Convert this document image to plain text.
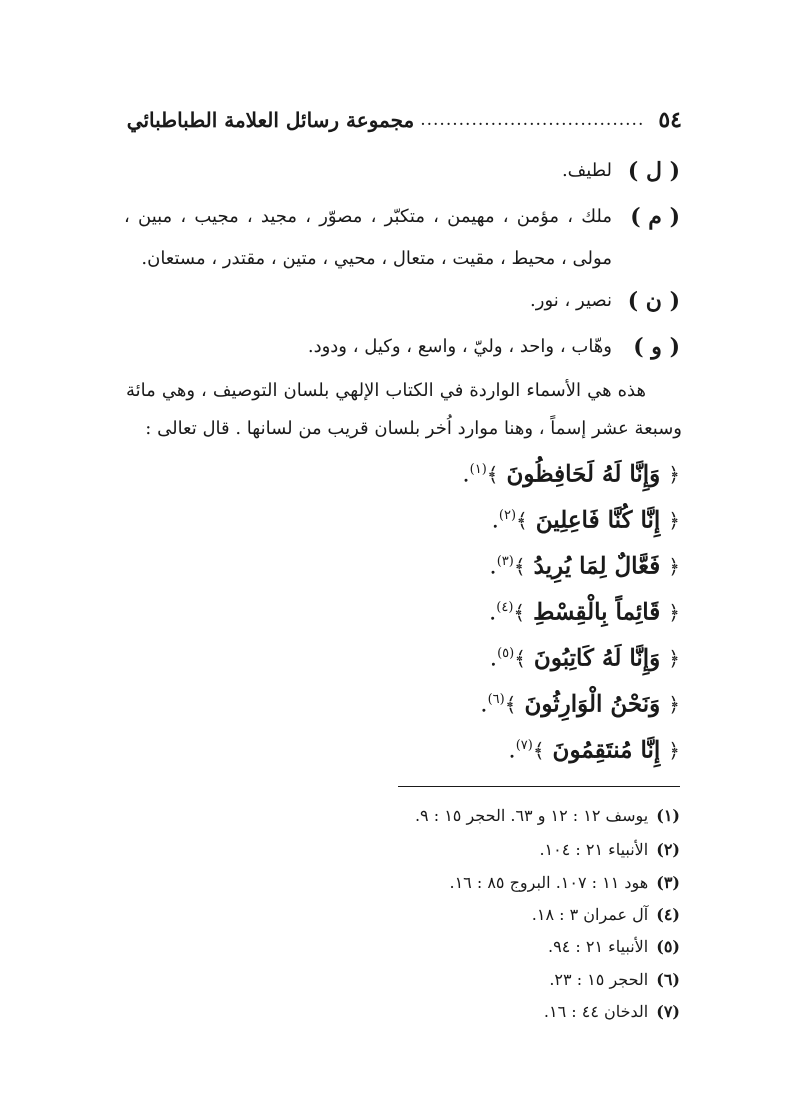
٥٤
...................................
مجموعة رسائل العلامة الطباطبائي
( ل )
لطيف.
( م )
ملك ، مؤمن ، مهيمن ، متكبّر ، مصوّر ، مجيد ، مجيب ، مبين ، مولى ، محيط ، مقيت ، متعال ، محيي ، متين ، مقتدر ، مستعان.
( ن )
نصير ، نور.
( و )
وهّاب ، واحد ، وليّ ، واسع ، وكيل ، ودود.
هذه هي الأسماء الواردة في الكتاب الإلهي بلسان التوصيف ، وهي مائة وسبعة عشر إسماً ، وهنا موارد اُخر بلسان قريب من لسانها . قال تعالى :
﴿ وَإِنَّا لَهُ لَحَافِظُونَ ﴾$^{(١)}$.
﴿ إِنَّا كُنَّا فَاعِلِينَ ﴾$^{(٢)}$.
﴿ فَعَّالٌ لِمَا يُرِيدُ ﴾$^{(٣)}$.
﴿ قَائِماً بِالْقِسْطِ ﴾$^{(٤)}$.
﴿ وَإِنَّا لَهُ كَاتِبُونَ ﴾$^{(٥)}$.
﴿ وَنَحْنُ الْوَارِثُونَ ﴾$^{(٦)}$.
﴿ إِنَّا مُنتَقِمُونَ ﴾$^{(٧)}$.
(١)يوسف ١٢ : ١٢ و ٦٣. الحجر ١٥ : ٩.
(٢)الأنبياء ٢١ : ١٠٤.
(٣)هود ١١ : ١٠٧. البروج ٨٥ : ١٦.
(٤)آل عمران ٣ : ١٨.
(٥)الأنبياء ٢١ : ٩٤.
(٦)الحجر ١٥ : ٢٣.
(٧)الدخان ٤٤ : ١٦.
